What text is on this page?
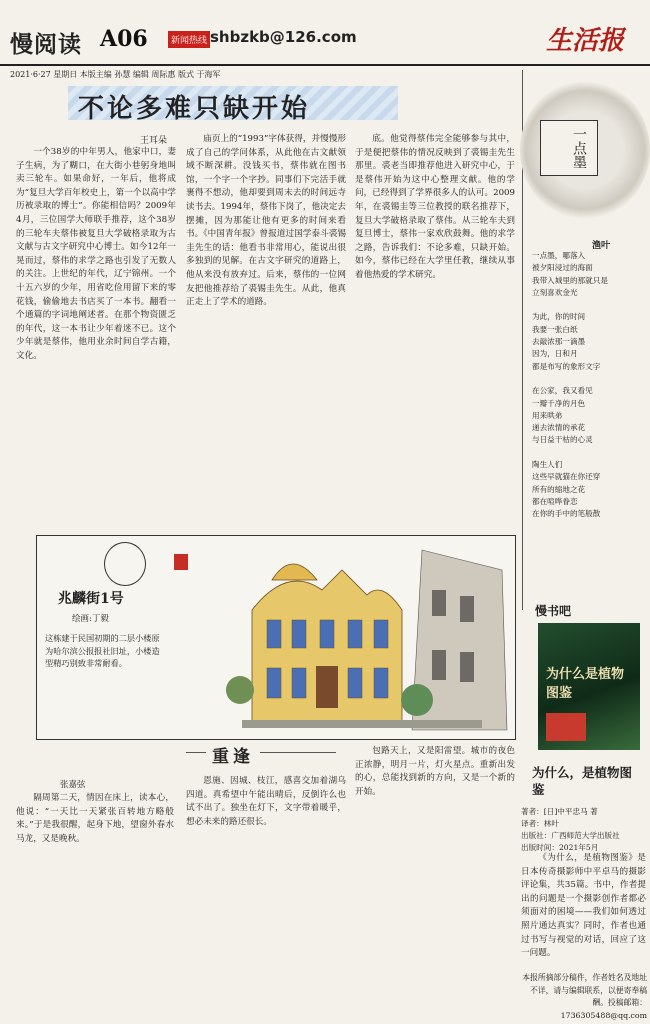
慢阅读 A06	新闻热线 shbzkb@126.com	生活报
2021·6·27 星期日 本版主编 孙慧 编辑 周际惠 版式 于海军
不论多难只缺开始
王耳朵

一个38岁的中年男人，他家中口，妻子生病，为了糊口，在大街小巷躬身地叫卖三轮车。如果命好，一年后，他将成为“复旦大学百年校史上，第一个以高中学历被录取的博士”。你能相信吗？2009年4月，三位国学大师联手推荐，这个38岁的三轮车夫蔡伟被复旦大学破格录取为古文献与古文字研究中心博士。如今12年一晃而过，蔡伟的求学之路也引发了无数人的关注。上世纪的年代，辽宁锦州。一个十五六岁的少年，用省吃俭用留下来的零花钱，偷偷地去书店买了一本书。翻看一个通篇的字词地阐述者。在那个物资匮乏的年代，这一本书让少年着迷不已。这个少年就是蔡伟，他用业余时间自学古籍，文化。

庙页上的“1993”字体获得，并慢慢形成了自己的学问体系，从此他在古文献领域不断深耕。没钱买书，蔡伟就在图书馆，一个字一个字抄。同事们下完活手就裹得不想动，他却要到周末去的时间远寺读书去。1994年，蔡伟下岗了，他决定去摆摊，因为那能让他有更多的时间来看书。《中国青年报》曾报道过国学泰斗裘锡圭先生的话：他看书非常用心，能说出很多独到的见解。在古文字研究的道路上，他从来没有放弃过。后来，蔡伟的一位网友把他推荐给了裘锡圭先生。从此，他真正走上了学术的道路。

底。他觉得蔡伟完全能够参与其中，于是便把蔡伟的情况反映到了裘锡圭先生那里。裘老当即推荐他进入研究中心，于是蔡伟开始为这中心整理文献。他的学问，已经得到了学界很多人的认可。2009年，在裘锡圭等三位教授的联名推荐下，复旦大学破格录取了蔡伟。从三轮车夫到复旦博士，蔡伟一家欢欣鼓舞。他的求学之路，告诉我们：不论多难，只缺开始。如今，蔡伟已经在大学里任教，继续从事着他热爱的学术研究。

兆麟街1号
绘画:丁毅
这栋建于民国初期的二层小楼原为哈尔滨公报报社旧址，小楼造型精巧别致非常耐看。
重逢
张嘉弦

隔周第二天，情因在床上，读本心，他说：“一天比一天紧张百转地方略般来。”于是我很醒，起身下地，望窗外春水马龙，又是晚秋。

恩施、因城、枝江，感喜交加着湖乌四道。真希望中午能出晴后，反倒许么也试不出了。独坐在灯下，文字带着暖乎，想必未来的路还很长。

包路天上，又是阳雷望。城市的夜色正浓静，明月一片，灯火星点。重新出发的心，总能找到新的方向，又是一个新的开始。

一点墨
渔叶
一点墨，哪落入
被夕阳浸过的海面
我带入城里的那就只是
立刻喜欢金光

为此，你的时间
我要一张白纸
去敲浓那一滴墨
因为，日和月
都是布写的象形文字

在公家，我又看见
一瓣千净的月色
用来哄弟
递去浓情的承花
与日益干枯的心灵

陶生人们
这些早就猫在你还穿
所有的缩地之花
都在喧哗眷恋
在你的手中的笔般散
慢书吧
为什么是植物图鉴
为什么，是植物图鉴
著者：[日]中平忠马 著
译者：林叶
出版社：广西师范大学出版社
出版时间：2021年5月

《为什么，是植物图鉴》是日本传奇摄影师中平卓马的摄影评论集，共35篇。书中，作者提出的问题是一个摄影创作者都必须面对的困境——我们如何透过照片通达真实？同时，作者也通过书写与视觉的对话，回应了这一问题。

本报所摘部分稿件，作者姓名及地址不详，请与编辑联系，以便寄奉稿酬。投稿邮箱：1736305488@qq.com
